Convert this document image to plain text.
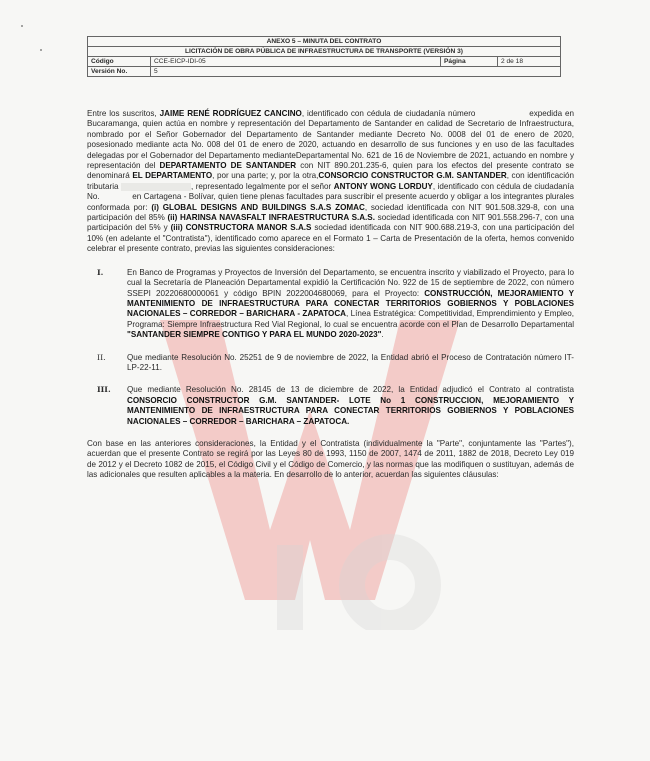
ANEXO 5 – MINUTA DEL CONTRATO			
LICITACIÓN DE OBRA PÚBLICA DE INFRAESTRUCTURA DE TRANSPORTE (VERSIÓN 3)			
Código	CCE-EICP-IDI-05	Página	2 de 18
Versión No.	5		

Entre los suscritos, JAIME RENÉ RODRÍGUEZ CANCINO, identificado con cédula de ciudadanía número	expedida en Bucaramanga, quien actúa en nombre y representación del Departamento de Santander en calidad de Secretario de Infraestructura, nombrado por el Señor Gobernador del Departamento de Santander mediante Decreto No. 0008 del 01 de enero de 2020, posesionado mediante acta No. 008 del 01 de enero de 2020, actuando en desarrollo de sus funciones y en uso de las facultades delegadas por el Gobernador del Departamento medianteDepartamental No. 621 de 16 de Noviembre de 2021, actuando en nombre y representación del DEPARTAMENTO DE SANTANDER con NIT 890.201.235-6, quien para los efectos del presente contrato se denominará EL DEPARTAMENTO, por una parte; y, por la otra,CONSORCIO CONSTRUCTOR G.M. SANTANDER, con identificación tributaria	, representado legalmente por el señor ANTONY WONG LORDUY, identificado con cédula de ciudadanía No.	en Cartagena - Bolívar, quien tiene plenas facultades para suscribir el presente acuerdo y obligar a los integrantes plurales conformada por: (i) GLOBAL DESIGNS AND BUILDINGS S.A.S ZOMAC, sociedad identificada con NIT 901.508.329-8, con una participación del 85% (ii) HARINSA NAVASFALT INFRAESTRUCTURA S.A.S. sociedad identificada con NIT 901.558.296-7, con una participación del 5% y (iii) CONSTRUCTORA MANOR S.A.S sociedad identificada con NIT 900.688.219-3, con una participación del 10% (en adelante el "Contratista"), identificado como aparece en el Formato 1 – Carta de Presentación de la oferta, hemos convenido celebrar el presente contrato, previas las siguientes consideraciones:

I.	En Banco de Programas y Proyectos de Inversión del Departamento, se encuentra inscrito y viabilizado el Proyecto, para lo cual la Secretaría de Planeación Departamental expidió la Certificación No. 922 de 15 de septiembre de 2022, con número SSEPI 20220680000061 y código BPIN 2022004680069, para el Proyecto: CONSTRUCCIÓN, MEJORAMIENTO Y MANTENIMIENTO DE INFRAESTRUCTURA PARA CONECTAR TERRITORIOS GOBIERNOS Y POBLACIONES NACIONALES – CORREDOR – BARICHARA - ZAPATOCA, Línea Estratégica: Competitividad, Emprendimiento y Empleo, Programa: Siempre Infraestructura Red Vial Regional, lo cual se encuentra acorde con el Plan de Desarrollo Departamental "SANTANDER SIEMPRE CONTIGO Y PARA EL MUNDO 2020-2023".

II.	Que mediante Resolución No. 25251 de 9 de noviembre de 2022, la Entidad abrió el Proceso de Contratación número IT-LP-22-11.

III. Que mediante Resolución No. 28145 de 13 de diciembre de 2022, la Entidad adjudicó el Contrato al contratista CONSORCIO CONSTRUCTOR G.M. SANTANDER- LOTE No 1 CONSTRUCCION, MEJORAMIENTO Y MANTENIMIENTO DE INFRAESTRUCTURA PARA CONECTAR TERRITORIOS GOBIERNOS Y POBLACIONES NACIONALES – CORREDOR – BARICHARA – ZAPATOCA.

Con base en las anteriores consideraciones, la Entidad y el Contratista (individualmente la "Parte", conjuntamente las "Partes"), acuerdan que el presente Contrato se regirá por las Leyes 80 de 1993, 1150 de 2007, 1474 de 2011, 1882 de 2018, Decreto Ley 019 de 2012 y el Decreto 1082 de 2015, el Código Civil y el Código de Comercio, y las normas que las modifiquen o sustituyan, además de las adicionales que resulten aplicables a la materia. En desarrollo de lo anterior, acuerdan las siguientes cláusulas:
